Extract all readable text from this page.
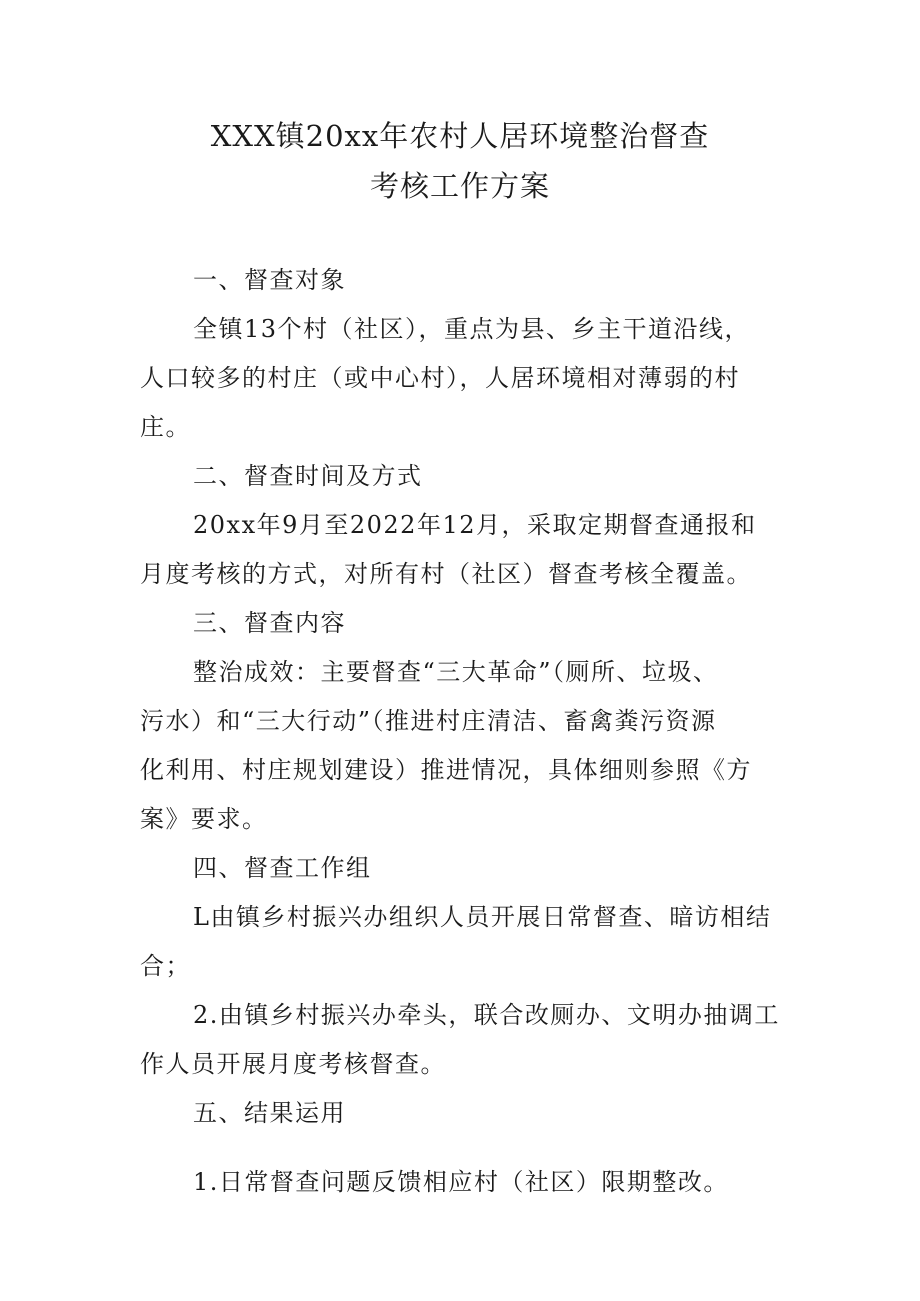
XXX镇20xx年农村人居环境整治督查
考核工作方案
一、督查对象
全镇13个村（社区），重点为县、乡主干道沿线，
人口较多的村庄（或中心村），人居环境相对薄弱的村
庄。
二、督查时间及方式
20xx年9月至2022年12月，采取定期督查通报和
月度考核的方式，对所有村（社区）督查考核全覆盖。
三、督查内容
整治成效：主要督查“三大革命”（厕所、垃圾、
污水）和“三大行动”（推进村庄清洁、畜禽粪污资源
化利用、村庄规划建设）推进情况，具体细则参照《方
案》要求。
四、督查工作组
L由镇乡村振兴办组织人员开展日常督查、暗访相结
合；
2.由镇乡村振兴办牵头，联合改厕办、文明办抽调工
作人员开展月度考核督查。
五、结果运用
1.日常督查问题反馈相应村（社区）限期整改。
